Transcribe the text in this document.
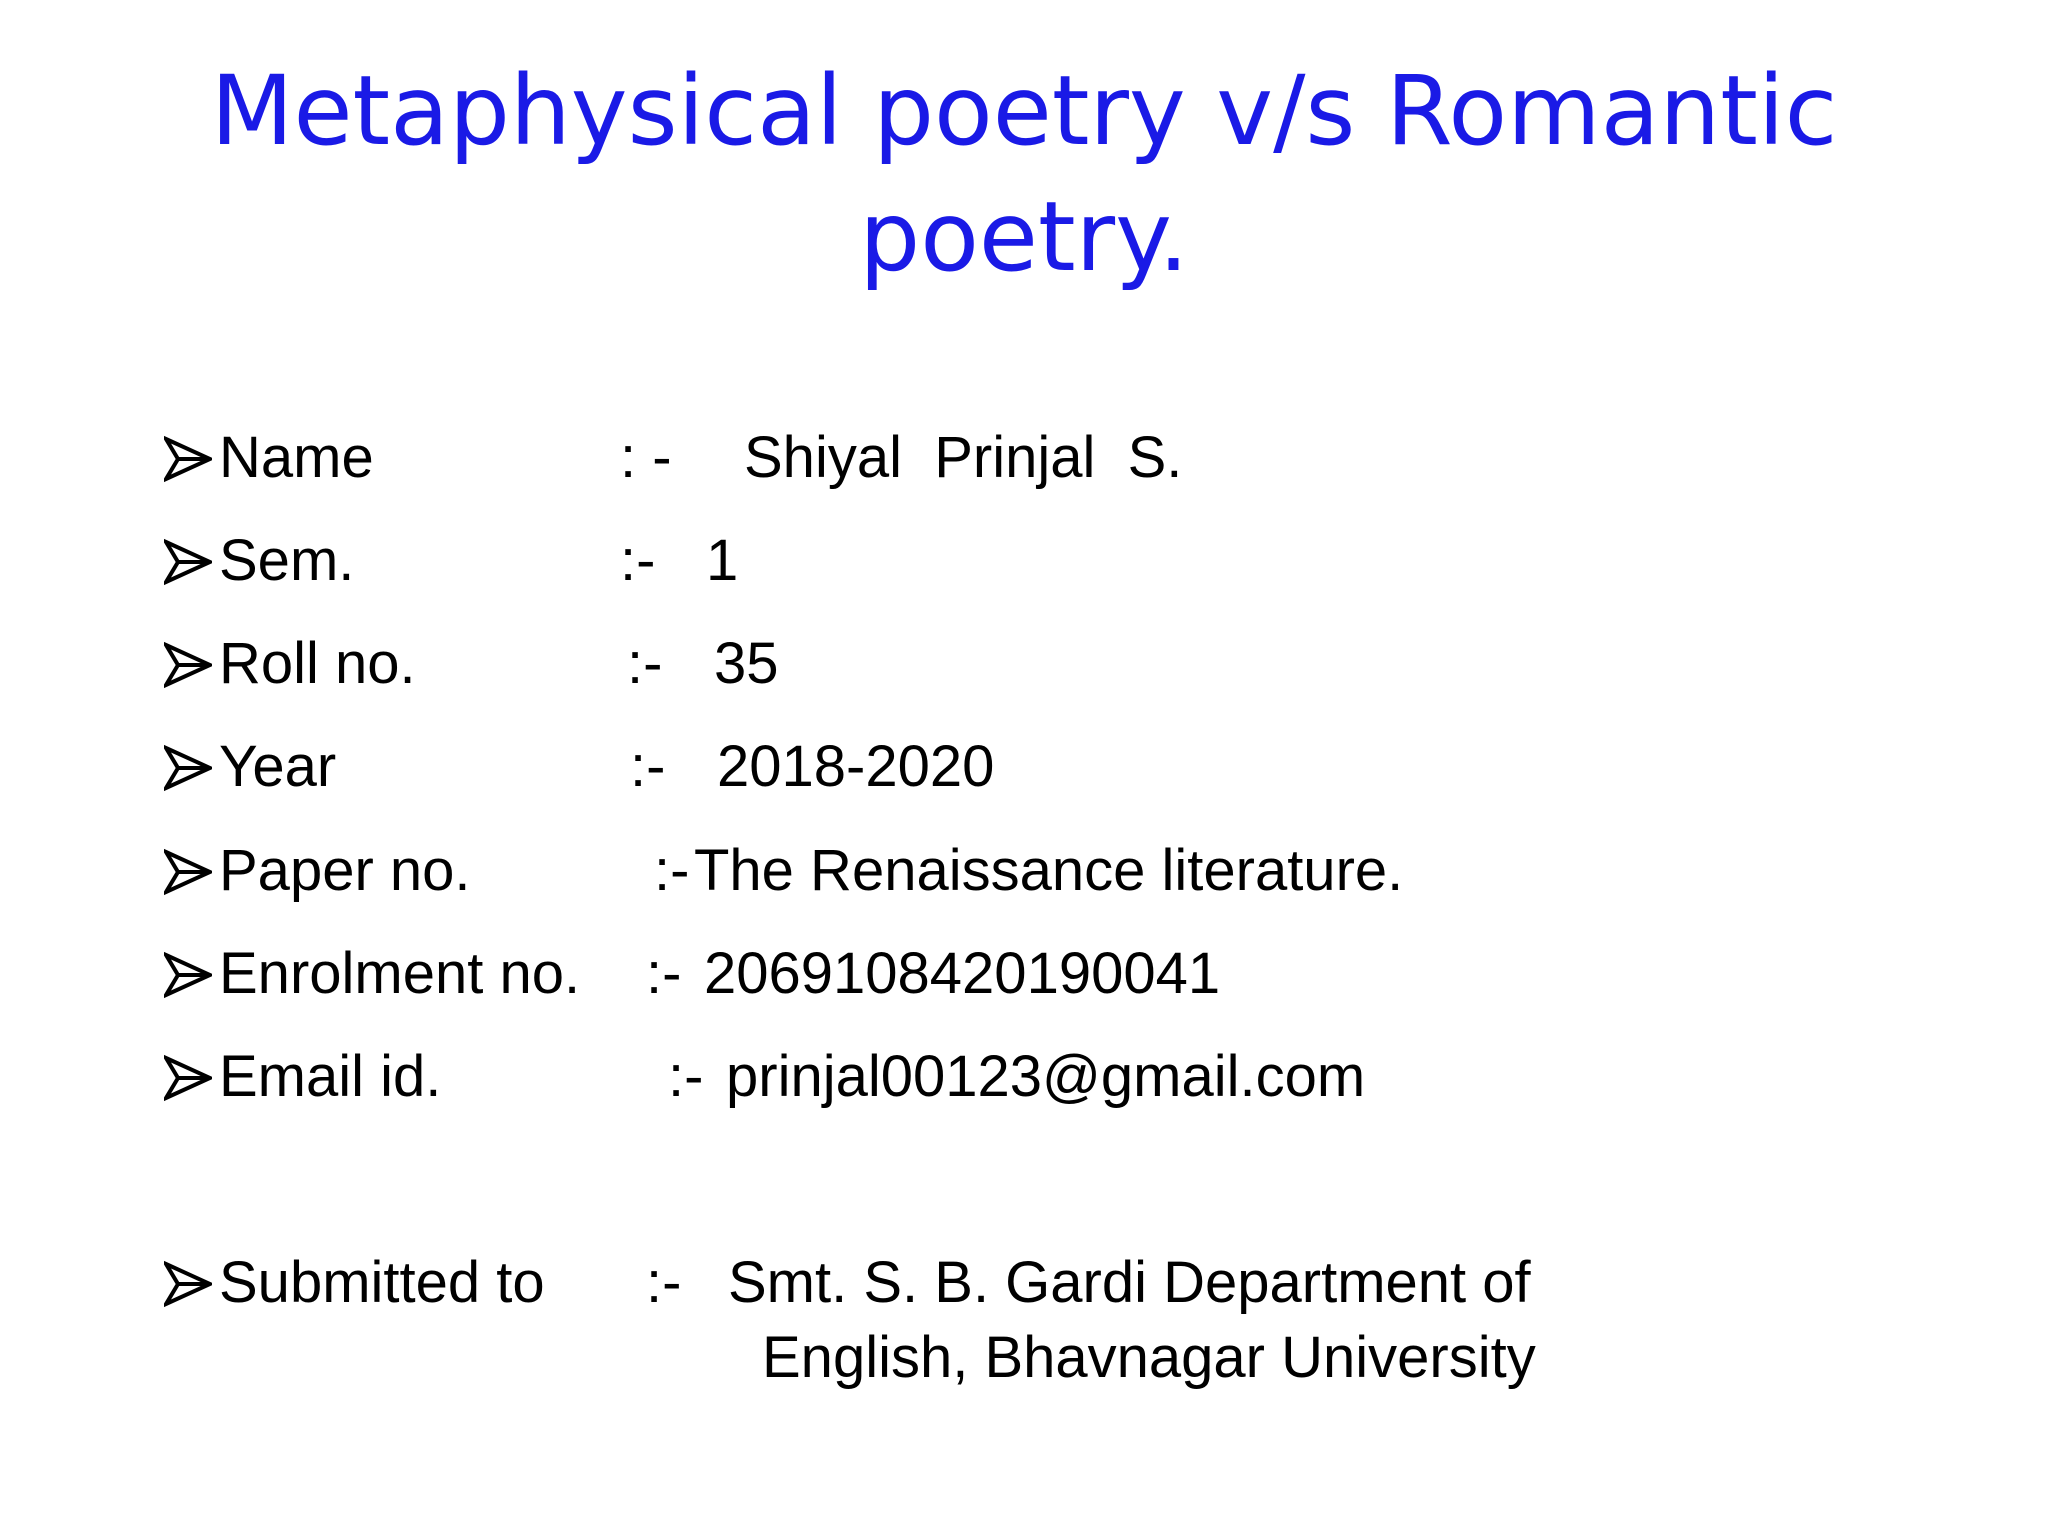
Metaphysical poetry v/s Romantic
poetry.
Name	: - Shiyal  Prinjal  S.
Sem.	:- 1
Roll no.	:- 35
Year	:- 2018-2020
Paper no.	:- The Renaissance literature.
Enrolment no. :- 2069108420190041
Email id.	:- prinjal00123@gmail.com
Submitted to :- Smt. S. B. Gardi Department of
English, Bhavnagar University
